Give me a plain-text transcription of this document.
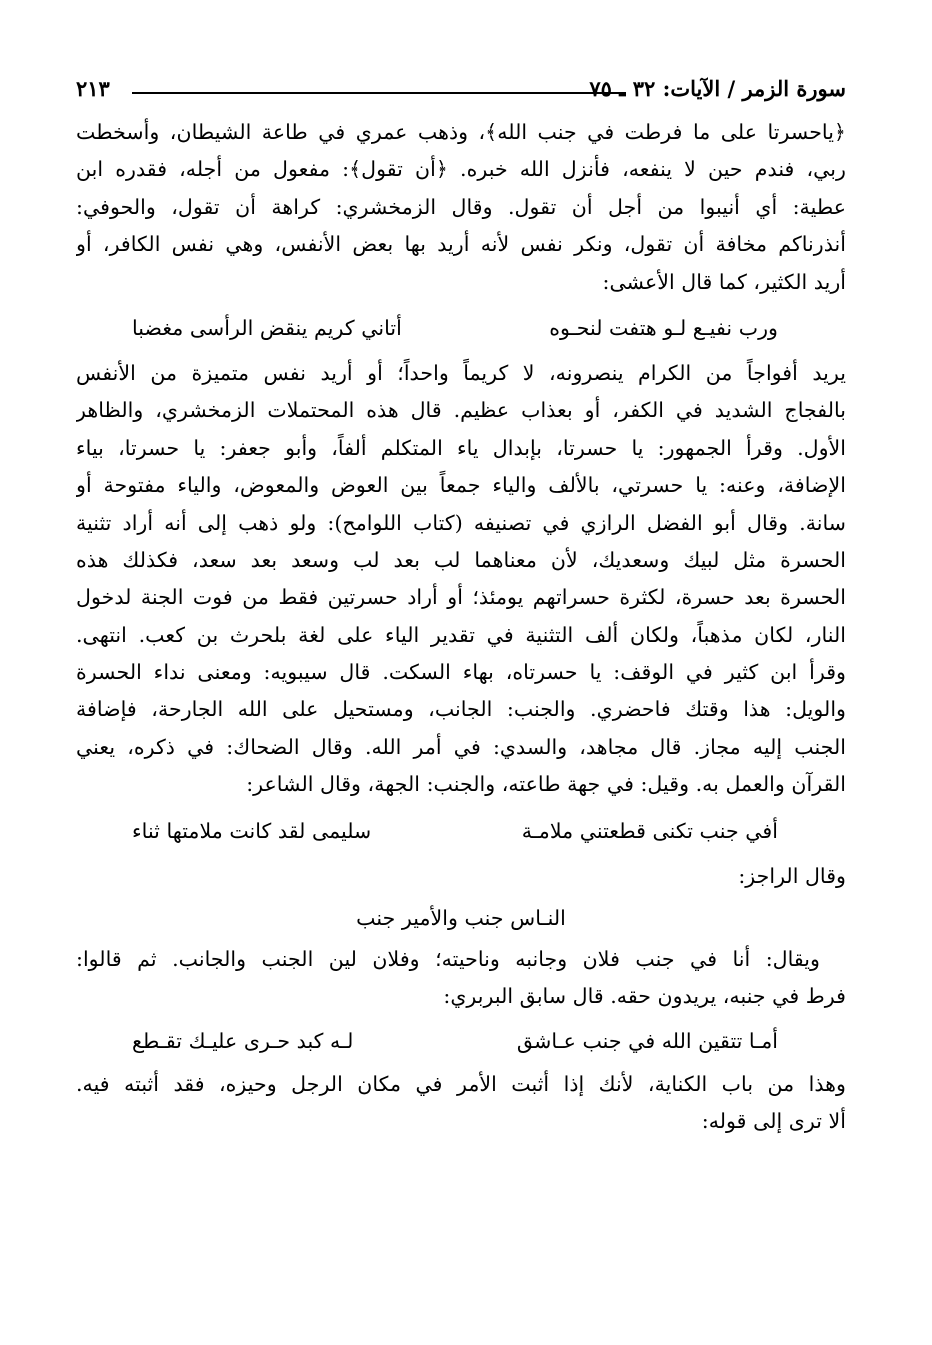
سورة الزمر / الآيات: ٣٢ ـ ٧٥
٢١٣
﴿ياحسرتا على ما فرطت في جنب الله﴾، وذهب عمري في طاعة الشيطان، وأسخطت
ربي، فندم حين لا ينفعه، فأنزل الله خبره. ﴿أن تقول﴾: مفعول من أجله، فقدره ابن
عطية: أي أنيبوا من أجل أن تقول. وقال الزمخشري: كراهة أن تقول، والحوفي:
أنذرناكم مخافة أن تقول، ونكر نفس لأنه أريد بها بعض الأنفس، وهي نفس الكافر، أو
أريد الكثير، كما قال الأعشى:
ورب نفيـع لـو هتفت لنحـوه
أتاني كريم ينقض الرأسى مغضبا
يريد أفواجاً من الكرام ينصرونه، لا كريماً واحداً؛ أو أريد نفس متميزة من الأنفس
بالفجاج الشديد في الكفر، أو بعذاب عظيم. قال هذه المحتملات الزمخشري، والظاهر
الأول. وقرأ الجمهور: يا حسرتا، بإبدال ياء المتكلم ألفاً، وأبو جعفر: يا حسرتا، بياء
الإضافة، وعنه: يا حسرتي، بالألف والياء جمعاً بين العوض والمعوض، والياء مفتوحة أو
سانة. وقال أبو الفضل الرازي في تصنيفه (كتاب اللوامح): ولو ذهب إلى أنه أراد تثنية
الحسرة مثل لبيك وسعديك، لأن معناهما لب بعد لب وسعد بعد سعد، فكذلك هذه
الحسرة بعد حسرة، لكثرة حسراتهم يومئذ؛ أو أراد حسرتين فقط من فوت الجنة لدخول
النار، لكان مذهباً، ولكان ألف التثنية في تقدير الياء على لغة بلحرث بن كعب. انتهى.
وقرأ ابن كثير في الوقف: يا حسرتاه، بهاء السكت. قال سيبويه: ومعنى نداء الحسرة
والويل: هذا وقتك فاحضري. والجنب: الجانب، ومستحيل على الله الجارحة، فإضافة
الجنب إليه مجاز. قال مجاهد، والسدي: في أمر الله. وقال الضحاك: في ذكره، يعني
القرآن والعمل به. وقيل: في جهة طاعته، والجنب: الجهة، وقال الشاعر:
أفي جنب تكنى قطعتني ملامـة
سليمى لقد كانت ملامتها ثناء
وقال الراجز:
النـاس جنب والأمير جنب
ويقال: أنا في جنب فلان وجانبه وناحيته؛ وفلان لين الجنب والجانب. ثم قالوا:
فرط في جنبه، يريدون حقه. قال سابق البربري:
أمـا تتقين الله في جنب عـاشق
لـه كبد حـرى عليـك تقـطع
وهذا من باب الكناية، لأنك إذا أثبت الأمر في مكان الرجل وحيزه، فقد أثبته فيه.
ألا ترى إلى قوله:
